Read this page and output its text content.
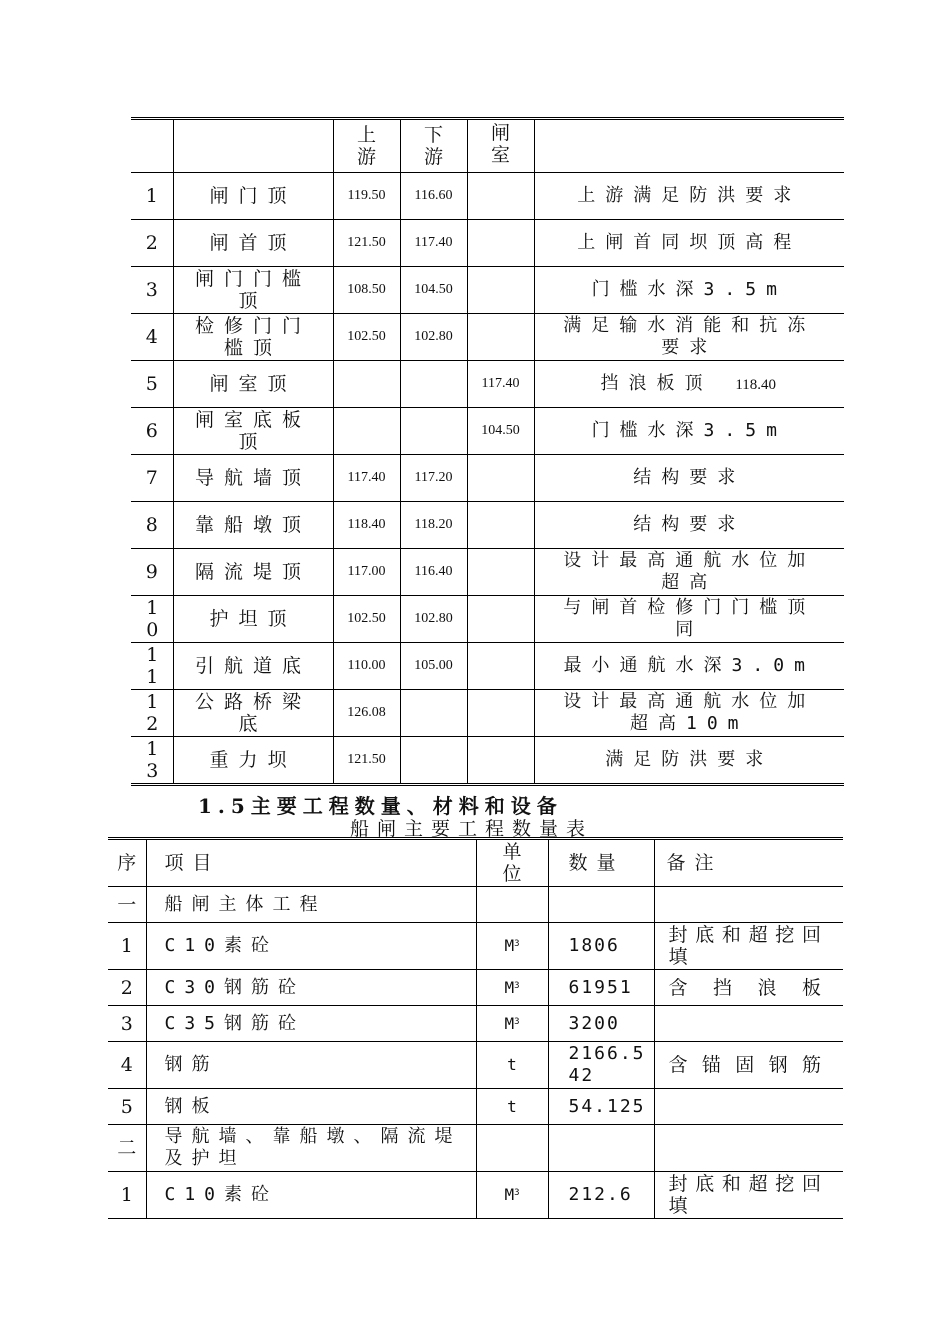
		上游	下游	闸室	

1	闸门顶	119.50	116.60		上游满足防洪要求

2	闸首顶	121.50	117.40		上闸首同坝顶高程

3	闸门门槛顶	108.50	104.50		门槛水深3.5m

4	检修门门槛顶	102.50	102.80		满足输水消能和抗冻要求

5	闸室顶			117.40	挡浪板顶 118.40

6	闸室底板顶			104.50	门槛水深3.5m

7	导航墙顶	117.40	117.20		结构要求

8	靠船墩顶	118.40	118.20		结构要求

9	隔流堤顶	117.00	116.40		设计最高通航水位加超高

10	护坦顶	102.50	102.80		与闸首检修门门槛顶同

11	引航道底	110.00	105.00		最小通航水深3.0m

12	公路桥梁底	126.08			设计最高通航水位加超高10m

13	重力坝	121.50			满足防洪要求
1.5主要工程数量、材料和设备
船闸主要工程数量表
序	项目	单位	数量	备注
一	船闸主体工程			

1	C10素砼	$M^3$	1806	封底和超挖回填

2	C30钢筋砼	$M^3$	61951	含挡浪板

3	C35钢筋砼	$M^3$	3200	

4	钢筋	t	2166.542	含锚固钢筋

5	钢板	t	54.125	

二	导航墙、靠船墩、隔流堤及护坦			

1	C10素砼	$M^3$	212.6	封底和超挖回填
